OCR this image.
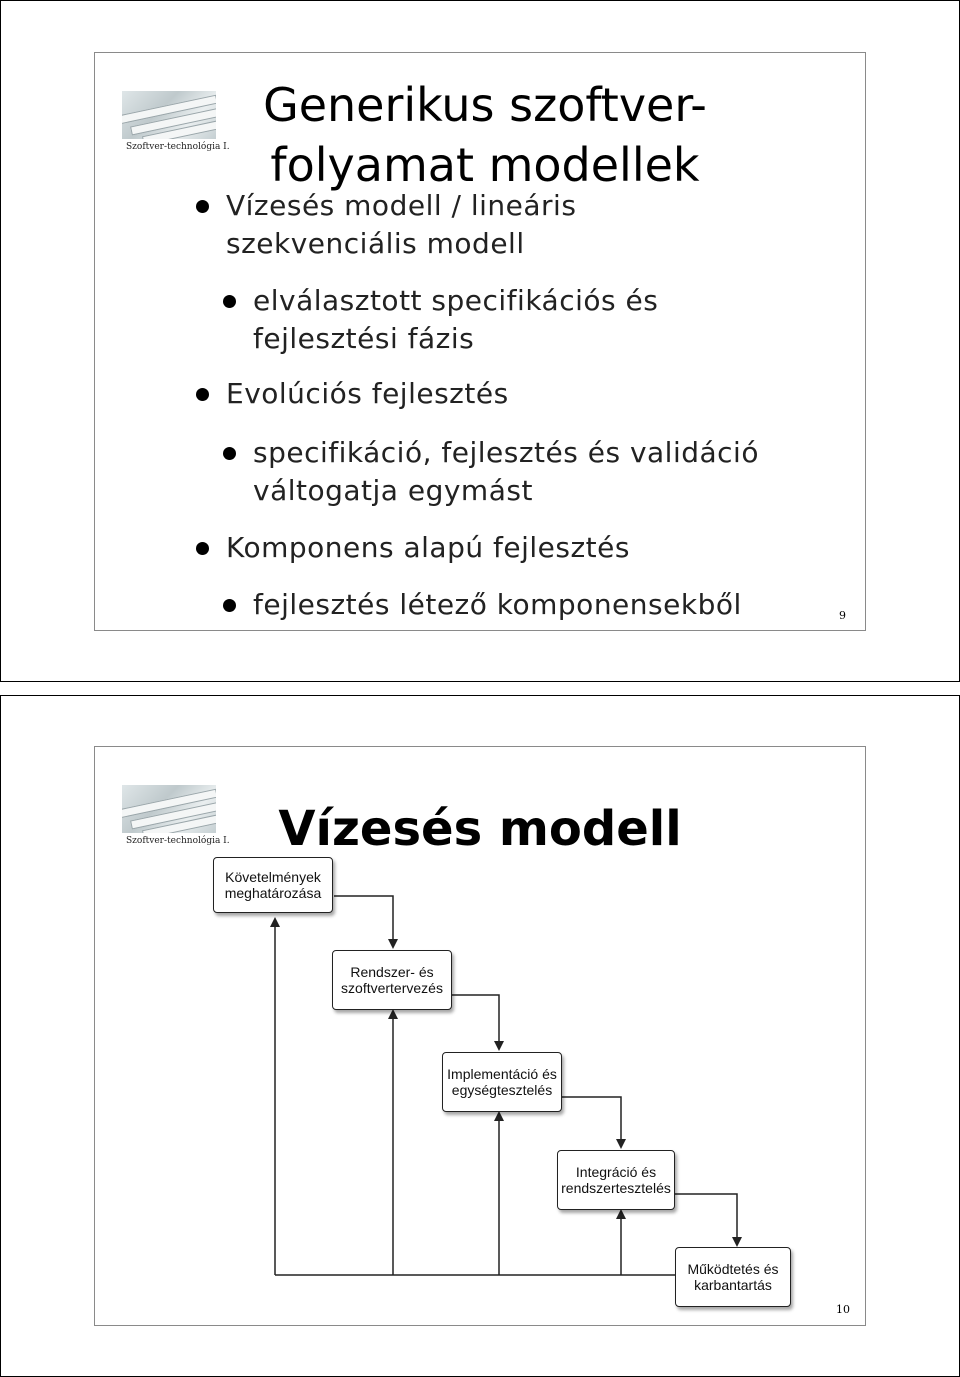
Szoftver-technológia I.
Generikus szoftver-
folyamat modellek
Vízesés modell / lineáris
szekvenciális modell
elválasztott specifikációs és
fejlesztési fázis
Evolúciós fejlesztés
specifikáció, fejlesztés és validáció
váltogatja egymást
Komponens alapú fejlesztés
fejlesztés létező komponensekből	9
Szoftver-technológia I. Vízesés modell
Követelmények
meghatározása
Rendszer- és
szoftvertervezés
Implementáció és
egységtesztelés
Integráció és
rendszertesztelés
Működtetés és
karbantartás
10
